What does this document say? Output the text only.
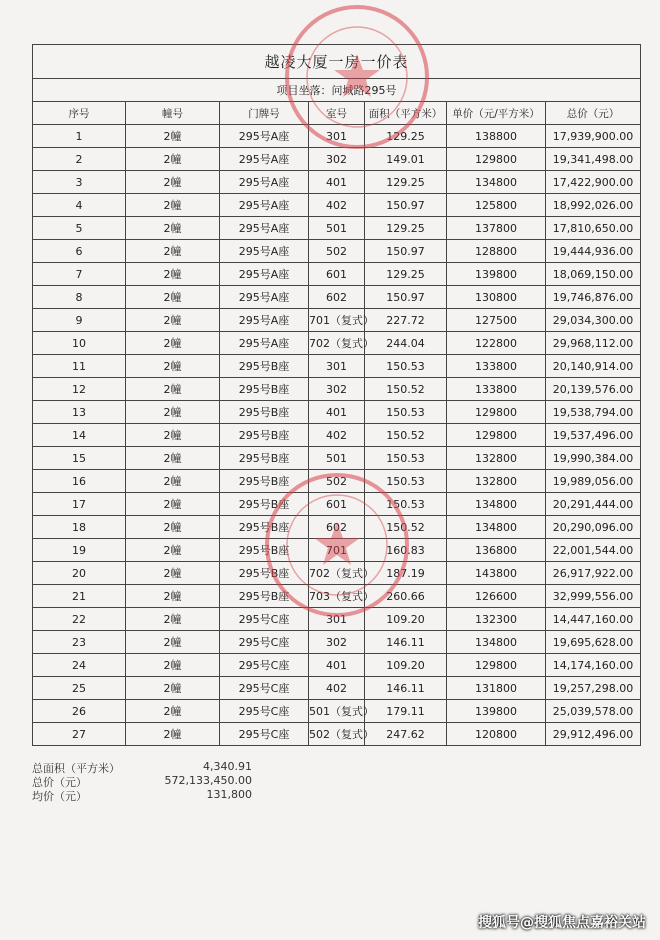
越凌大厦一房一价表						
项目坐落：问城路295号						
序号	幢号	门牌号	室号	面积（平方米）	单价（元/平方米）	总价（元）
1	2幢	295号A座	301	129.25	138800	17,939,900.00
2	2幢	295号A座	302	149.01	129800	19,341,498.00
3	2幢	295号A座	401	129.25	134800	17,422,900.00
4	2幢	295号A座	402	150.97	125800	18,992,026.00
5	2幢	295号A座	501	129.25	137800	17,810,650.00
6	2幢	295号A座	502	150.97	128800	19,444,936.00
7	2幢	295号A座	601	129.25	139800	18,069,150.00
8	2幢	295号A座	602	150.97	130800	19,746,876.00
9	2幢	295号A座	701（复式）	227.72	127500	29,034,300.00
10	2幢	295号A座	702（复式）	244.04	122800	29,968,112.00
11	2幢	295号B座	301	150.53	133800	20,140,914.00
12	2幢	295号B座	302	150.52	133800	20,139,576.00
13	2幢	295号B座	401	150.53	129800	19,538,794.00
14	2幢	295号B座	402	150.52	129800	19,537,496.00
15	2幢	295号B座	501	150.53	132800	19,990,384.00
16	2幢	295号B座	502	150.53	132800	19,989,056.00
17	2幢	295号B座	601	150.53	134800	20,291,444.00
18	2幢	295号B座	602	150.52	134800	20,290,096.00
19	2幢	295号B座	701	160.83	136800	22,001,544.00
20	2幢	295号B座	702（复式）	187.19	143800	26,917,922.00
21	2幢	295号B座	703（复式）	260.66	126600	32,999,556.00
22	2幢	295号C座	301	109.20	132300	14,447,160.00
23	2幢	295号C座	302	146.11	134800	19,695,628.00
24	2幢	295号C座	401	109.20	129800	14,174,160.00
25	2幢	295号C座	402	146.11	131800	19,257,298.00
26	2幢	295号C座	501（复式）	179.11	139800	25,039,578.00
27	2幢	295号C座	502（复式）	247.62	120800	29,912,496.00
总面积（平方米）	4,340.91
总价（元）	572,133,450.00
均价（元）	131,800
搜狐号@搜狐焦点嘉裕关站
